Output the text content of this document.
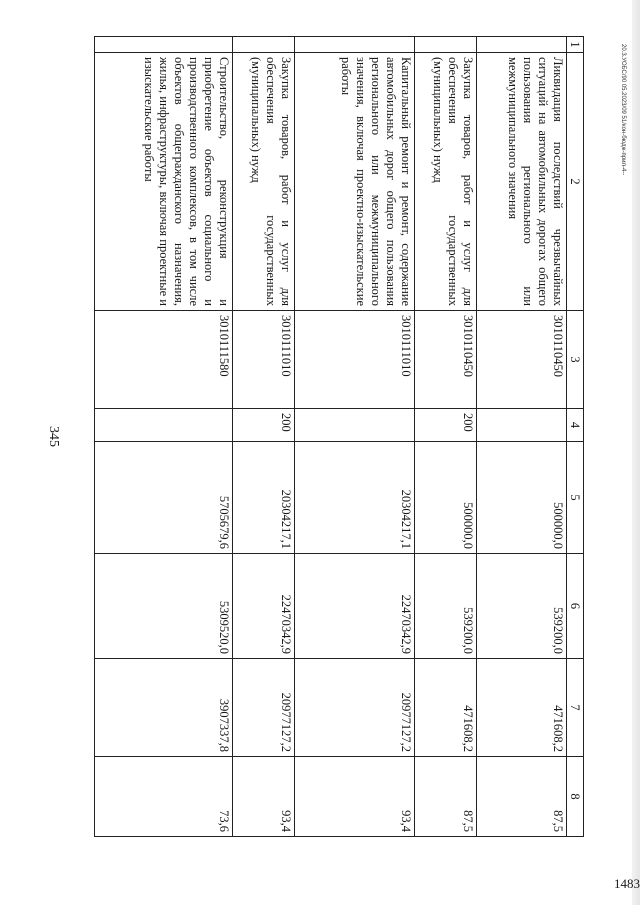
345
1483
20.3.УОБС/90 05.2023/09 51/кон-бюдж-прил-4--
1	2	3	4	5	6	7	8
	Ликвидация последствий чрезвычайных ситуаций на автомобильных дорогах общего пользования регионального или межмуниципального значения	3010110450		500000,0	539200,0	471608,2	87,5
	Закупка товаров, работ и услуг для обеспечения государственных (муниципальных) нужд	3010110450	200	500000,0	539200,0	471608,2	87,5
	Капитальный ремонт и ремонт, содержание автомобильных дорог общего пользования регионального или межмуниципального значения, включая проектно-изыскательские работы	3010111010		20304217,1	22470342,9	20977127,2	93,4
	Закупка товаров, работ и услуг для обеспечения государственных (муниципальных) нужд	3010111010	200	20304217,1	22470342,9	20977127,2	93,4
	Строительство, реконструкция и приобретение объектов социального и производственного комплексов, в том числе объектов общегражданского назначения, жилья, инфраструктуры, включая проектные и изыскательские работы	3010111580		5705679,6	5309520,0	3907337,8	73,6
